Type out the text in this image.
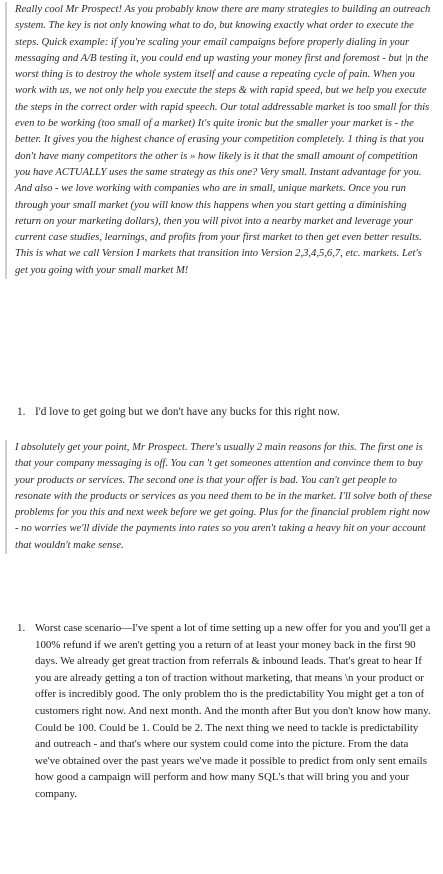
Really cool Mr Prospect! As you probably know there are many strategies to building an outreach system. The key is not only knowing what to do, but knowing exactly what order to execute the steps. Quick example: if you're scaling your email campaigns before properly dialing in your messaging and A/B testing it, you could end up wasting your money first and foremost - but |n the worst thing is to destroy the whole system itself and cause a repeating cycle of pain. When you work with us, we not only help you execute the steps & with rapid speed, but we help you execute the steps in the correct order with rapid speech. Our total addressable market is too small for this even to be working (too small of a market) It's quite ironic but the smaller your market is - the better. It gives you the highest chance of erasing your competition completely. 1 thing is that you don't have many competitors the other is » how likely is it that the small amount of competition you have ACTUALLY uses the same strategy as this one? Very small. Instant advantage for you. And also - we love working with companies who are in small, unique markets. Once you run through your small market (you will know this happens when you start getting a diminishing return on your marketing dollars), then you will pivot into a nearby market and leverage your current case studies, learnings, and profits from your first market to then get even better results. This is what we call Version I markets that transition into Version 2,3,4,5,6,7, etc. markets. Let's get you going with your small market M!
1. I'd love to get going but we don't have any bucks for this right now.
I absolutely get your point, Mr Prospect. There's usually 2 main reasons for this. The first one is that your company messaging is off. You can 't get someones attention and convince them to buy your products or services. The second one is that your offer is bad. You can't get people to resonate with the products or services as you need them to be in the market. I'll solve both of these problems for you this and next week before we get going. Plus for the financial problem right now - no worries we'll divide the payments into rates so you aren't taking a heavy hit on your account that wouldn't make sense.
1. Worst case scenario—I've spent a lot of time setting up a new offer for you and you'll get a 100% refund if we aren't getting you a return of at least your money back in the first 90 days. We already get great traction from referrals & inbound leads. That's great to hear If you are already getting a ton of traction without marketing, that means \n your product or offer is incredibly good. The only problem tho is the predictability You might get a ton of customers right now. And next month. And the month after But you don't know how many. Could be 100. Could be 1. Could be 2. The next thing we need to tackle is predictability and outreach - and that's where our system could come into the picture. From the data we've obtained over the past years we've made it possible to predict from only sent emails how good a campaign will perform and how many SQL's that will bring you and your company.
